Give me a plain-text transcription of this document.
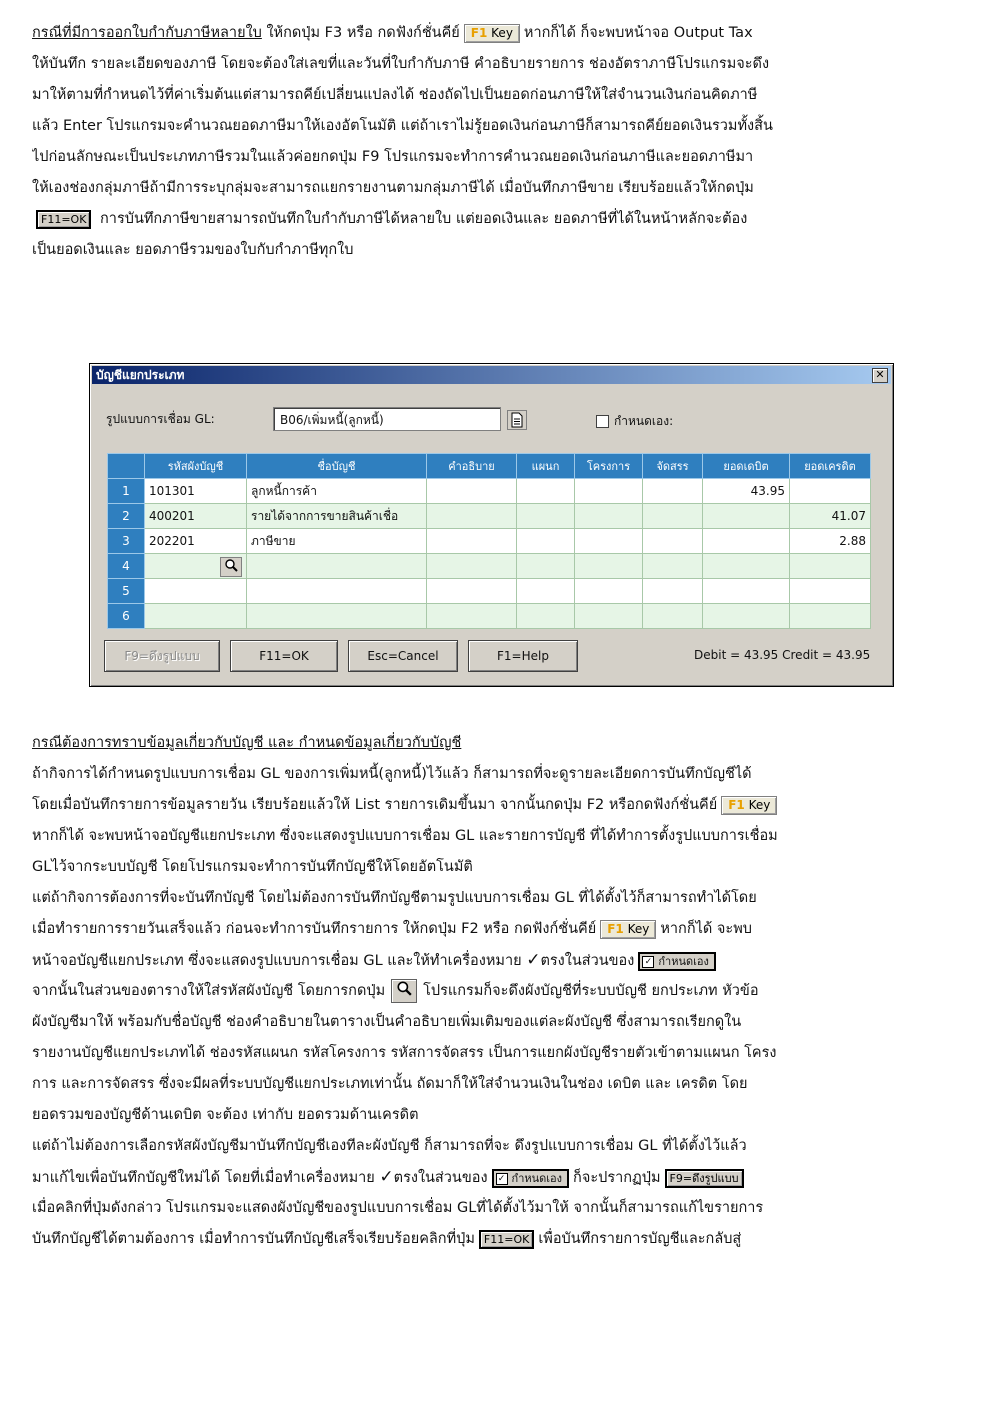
กรณีที่มีการออกใบกำกับภาษีหลายใบ ให้กดปุ่ม F3 หรือ กดฟังก์ชั่นคีย์ F1 Key หากก็ได้ ก็จะพบหน้าจอ Output Tax
ให้บันทึก รายละเอียดของภาษี โดยจะต้องใส่เลขที่และวันที่ใบกำกับภาษี คำอธิบายรายการ ช่องอัตราภาษีโปรแกรมจะดึง
มาให้ตามที่กำหนดไว้ที่ค่าเริ่มต้นแต่สามารถคีย์เปลี่ยนแปลงได้ ช่องถัดไปเป็นยอดก่อนภาษีให้ใส่จำนวนเงินก่อนคิดภาษี
แล้ว Enter โปรแกรมจะคำนวณยอดภาษีมาให้เองอัตโนมัติ แต่ถ้าเราไม่รู้ยอดเงินก่อนภาษีก็สามารถคีย์ยอดเงินรวมทั้งสิ้น
ไปก่อนลักษณะเป็นประเภทภาษีรวมในแล้วค่อยกดปุ่ม F9 โปรแกรมจะทำการคำนวณยอดเงินก่อนภาษีและยอดภาษีมา
ให้เองช่องกลุ่มภาษีถ้ามีการระบุกลุ่มจะสามารถแยกรายงานตามกลุ่มภาษีได้ เมื่อบันทึกภาษีขาย เรียบร้อยแล้วให้กดปุ่ม
F11=OK การบันทึกภาษีขายสามารถบันทึกใบกำกับภาษีได้หลายใบ แต่ยอดเงินและ ยอดภาษีที่ได้ในหน้าหลักจะต้อง
เป็นยอดเงินและ ยอดภาษีรวมของใบกับกำภาษีทุกใบ
บัญชีแยกประเภท	✕
รูปแบบการเชื่อม GL:	B06/เพิ่มหนี้(ลูกหนี้)	กำหนดเอง:
	รหัสผังบัญชี	ชื่อบัญชี	คำอธิบาย	แผนก	โครงการ	จัดสรร	ยอดเดบิต	ยอดเครดิต
1	101301	ลูกหนี้การค้า					43.95	
2	400201	รายได้จากการขายสินค้าเชื่อ						41.07
3	202201	ภาษีขาย						2.88
4	

5								
6								
F9=ดึงรูปแบบ	F11=OK	Esc=Cancel	F1=Help	Debit = 43.95 Credit = 43.95
กรณีต้องการทราบข้อมูลเกี่ยวกับบัญชี และ กำหนดข้อมูลเกี่ยวกับบัญชี
ถ้ากิจการได้กำหนดรูปแบบการเชื่อม GL ของการเพิ่มหนี้(ลูกหนี้)ไว้แล้ว ก็สามารถที่จะดูรายละเอียดการบันทึกบัญชีได้
โดยเมื่อบันทึกรายการข้อมูลรายวัน เรียบร้อยแล้วให้ List รายการเดิมขึ้นมา จากนั้นกดปุ่ม F2 หรือกดฟังก์ชั่นคีย์ F1 Key
หากก็ได้ จะพบหน้าจอบัญชีแยกประเภท ซึ่งจะแสดงรูปแบบการเชื่อม GL และรายการบัญชี ที่ได้ทำการตั้งรูปแบบการเชื่อม
GLไว้จากระบบบัญชี โดยโปรแกรมจะทำการบันทึกบัญชีให้โดยอัตโนมัติ
แต่ถ้ากิจการต้องการที่จะบันทึกบัญชี โดยไม่ต้องการบันทึกบัญชีตามรูปแบบการเชื่อม GL ที่ได้ตั้งไว้ก็สามารถทำได้โดย
เมื่อทำรายการรายวันเสร็จแล้ว ก่อนจะทำการบันทึกรายการ ให้กดปุ่ม F2 หรือ กดฟังก์ชั่นคีย์ F1 Key หากก็ได้ จะพบ
หน้าจอบัญชีแยกประเภท ซึ่งจะแสดงรูปแบบการเชื่อม GL และให้ทำเครื่องหมาย ✓ตรงในส่วนของ ✓ กำหนดเอง
จากนั้นในส่วนของตารางให้ใส่รหัสผังบัญชี โดยการกดปุ่ม	โปรแกรมก็จะดึงผังบัญชีที่ระบบบัญชี ยกประเภท หัวข้อ
ผังบัญชีมาให้ พร้อมกับชื่อบัญชี ช่องคำอธิบายในตารางเป็นคำอธิบายเพิ่มเติมของแต่ละผังบัญชี ซึ่งสามารถเรียกดูใน
รายงานบัญชีแยกประเภทได้ ช่องรหัสแผนก รหัสโครงการ รหัสการจัดสรร เป็นการแยกผังบัญชีรายตัวเข้าตามแผนก โครง
การ และการจัดสรร ซึ่งจะมีผลที่ระบบบัญชีแยกประเภทเท่านั้น ถัดมาก็ให้ใส่จำนวนเงินในช่อง เดบิต และ เครดิต โดย
ยอดรวมของบัญชีด้านเดบิต จะต้อง เท่ากับ ยอดรวมด้านเครดิต
แต่ถ้าไม่ต้องการเลือกรหัสผังบัญชีมาบันทึกบัญชีเองทีละผังบัญชี ก็สามารถที่จะ ดึงรูปแบบการเชื่อม GL ที่ได้ตั้งไว้แล้ว
มาแก้ไขเพื่อบันทึกบัญชีใหม่ได้ โดยที่เมื่อทำเครื่องหมาย ✓ตรงในส่วนของ ✓ กำหนดเอง ก็จะปรากฏปุ่ม F9=ดึงรูปแบบ
เมื่อคลิกที่ปุ่มดังกล่าว โปรแกรมจะแสดงผังบัญชีของรูปแบบการเชื่อม GLที่ได้ตั้งไว้มาให้ จากนั้นก็สามารถแก้ไขรายการ
บันทึกบัญชีได้ตามต้องการ เมื่อทำการบันทึกบัญชีเสร็จเรียบร้อยคลิกที่ปุ่ม F11=OK เพื่อบันทึกรายการบัญชีและกลับสู่
